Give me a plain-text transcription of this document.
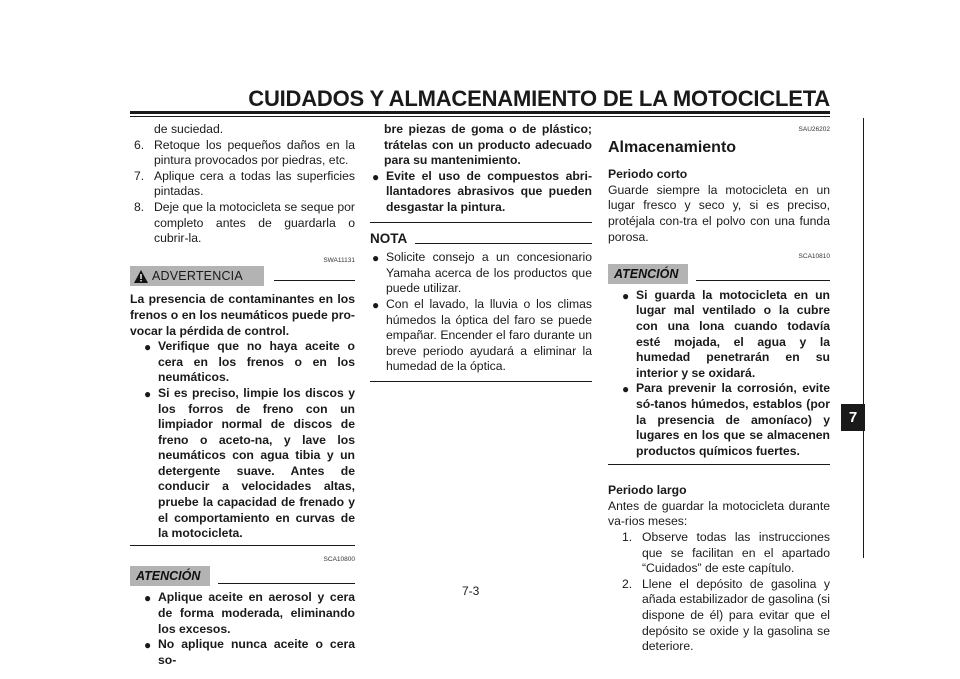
CUIDADOS Y ALMACENAMIENTO DE LA MOTOCICLETA
de suciedad.
6. Retoque los pequeños daños en la pintura provocados por piedras, etc.
7. Aplique cera a todas las superficies pintadas.
8. Deje que la motocicleta se seque por completo antes de guardarla o cubrir-la.
SWA11131
ADVERTENCIA
La presencia de contaminantes en los frenos o en los neumáticos puede pro-vocar la pérdida de control.
● Verifique que no haya aceite o cera en los frenos o en los neumáticos.
● Si es preciso, limpie los discos y los forros de freno con un limpiador normal de discos de freno o aceto-na, y lave los neumáticos con agua tibia y un detergente suave. Antes de conducir a velocidades altas, pruebe la capacidad de frenado y el comportamiento en curvas de la motocicleta.
SCA10800
ATENCIÓN
● Aplique aceite en aerosol y cera de forma moderada, eliminando los excesos.
● No aplique nunca aceite o cera so-
bre piezas de goma o de plástico; trátelas con un producto adecuado para su mantenimiento.
● Evite el uso de compuestos abri-llantadores abrasivos que pueden desgastar la pintura.
NOTA
● Solicite consejo a un concesionario Yamaha acerca de los productos que puede utilizar.
● Con el lavado, la lluvia o los climas húmedos la óptica del faro se puede empañar. Encender el faro durante un breve periodo ayudará a eliminar la humedad de la óptica.
SAU26202
Almacenamiento
Periodo corto
Guarde siempre la motocicleta en un lugar fresco y seco y, si es preciso, protéjala con-tra el polvo con una funda porosa.
SCA10810
ATENCIÓN
● Si guarda la motocicleta en un lugar mal ventilado o la cubre con una lona cuando todavía esté mojada, el agua y la humedad penetrarán en su interior y se oxidará.
● Para prevenir la corrosión, evite só-tanos húmedos, establos (por la presencia de amoníaco) y lugares en los que se almacenen productos químicos fuertes.
Periodo largo
Antes de guardar la motocicleta durante va-rios meses:
1. Observe todas las instrucciones que se facilitan en el apartado “Cuidados” de este capítulo.
2. Llene el depósito de gasolina y añada estabilizador de gasolina (si dispone de él) para evitar que el depósito se oxide y la gasolina se deteriore.
7
7-3
